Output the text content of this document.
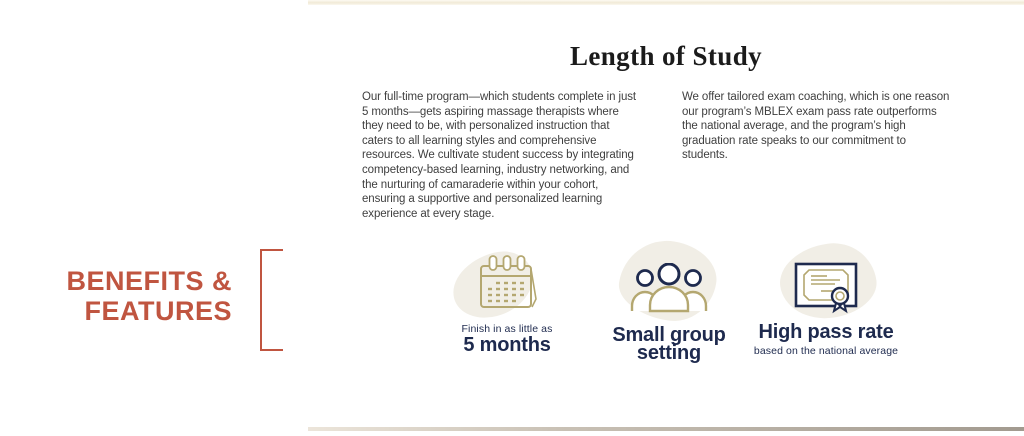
BENEFITS &
FEATURES
Length of Study

Our full-time program—which students complete in just 5 months—gets aspiring massage therapists where they need to be, with personalized instruction that caters to all learning styles and comprehensive resources. We cultivate student success by integrating competency-based learning, industry networking, and the nurturing of camaraderie within your cohort, ensuring a supportive and personalized learning experience at every stage.

We offer tailored exam coaching, which is one reason our program’s MBLEX exam pass rate outperforms the national average, and the program’s high graduation rate speaks to our commitment to students.

Finish in as little as
5 months	Small group setting
High pass rate
based on the national average
